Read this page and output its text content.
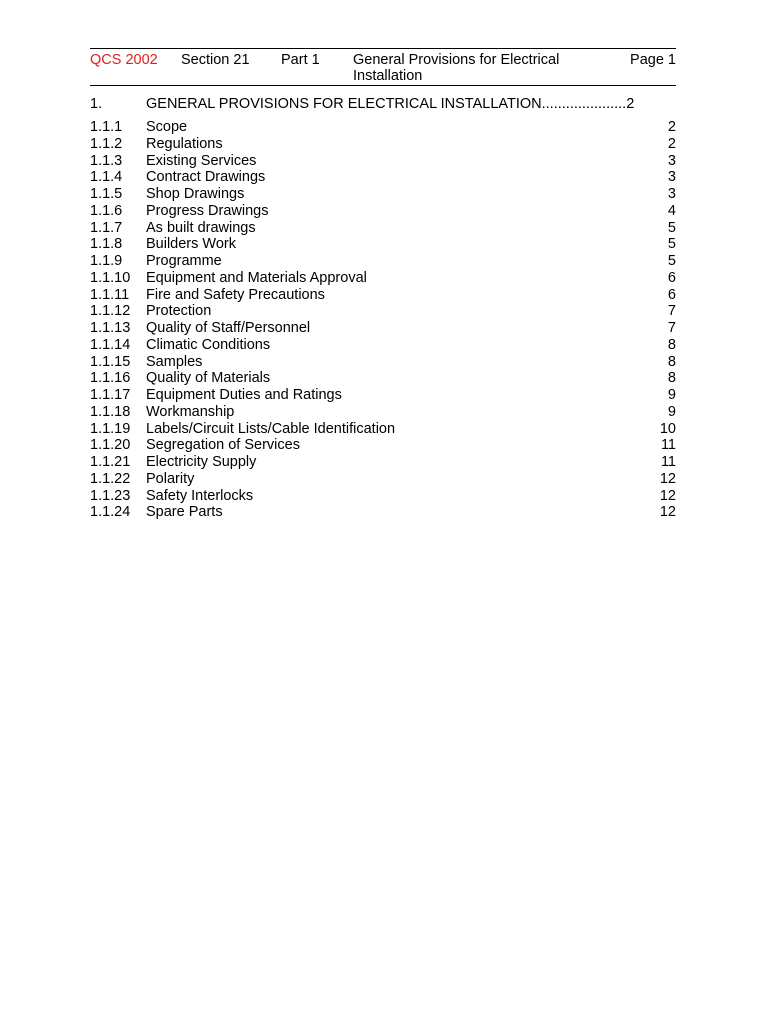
QCS 2002 Section 21 Part 1 General Provisions for Electrical Installation
Page 1
1.	GENERAL PROVISIONS FOR ELECTRICAL INSTALLATION.....................2
1.1.1 Scope	2
1.1.2 Regulations	2
1.1.3 Existing Services	3
1.1.4 Contract Drawings	3
1.1.5 Shop Drawings	3
1.1.6 Progress Drawings	4
1.1.7 As built drawings	5
1.1.8 Builders Work	5
1.1.9 Programme	5
1.1.10 Equipment and Materials Approval	6
1.1.11 Fire and Safety Precautions	6
1.1.12 Protection	7
1.1.13 Quality of Staff/Personnel	7
1.1.14 Climatic Conditions	8
1.1.15 Samples	8
1.1.16 Quality of Materials	8
1.1.17 Equipment Duties and Ratings	9
1.1.18 Workmanship	9
1.1.19 Labels/Circuit Lists/Cable Identification	10
1.1.20 Segregation of Services	11
1.1.21 Electricity Supply	11
1.1.22 Polarity	12
1.1.23 Safety Interlocks	12
1.1.24 Spare Parts	12
